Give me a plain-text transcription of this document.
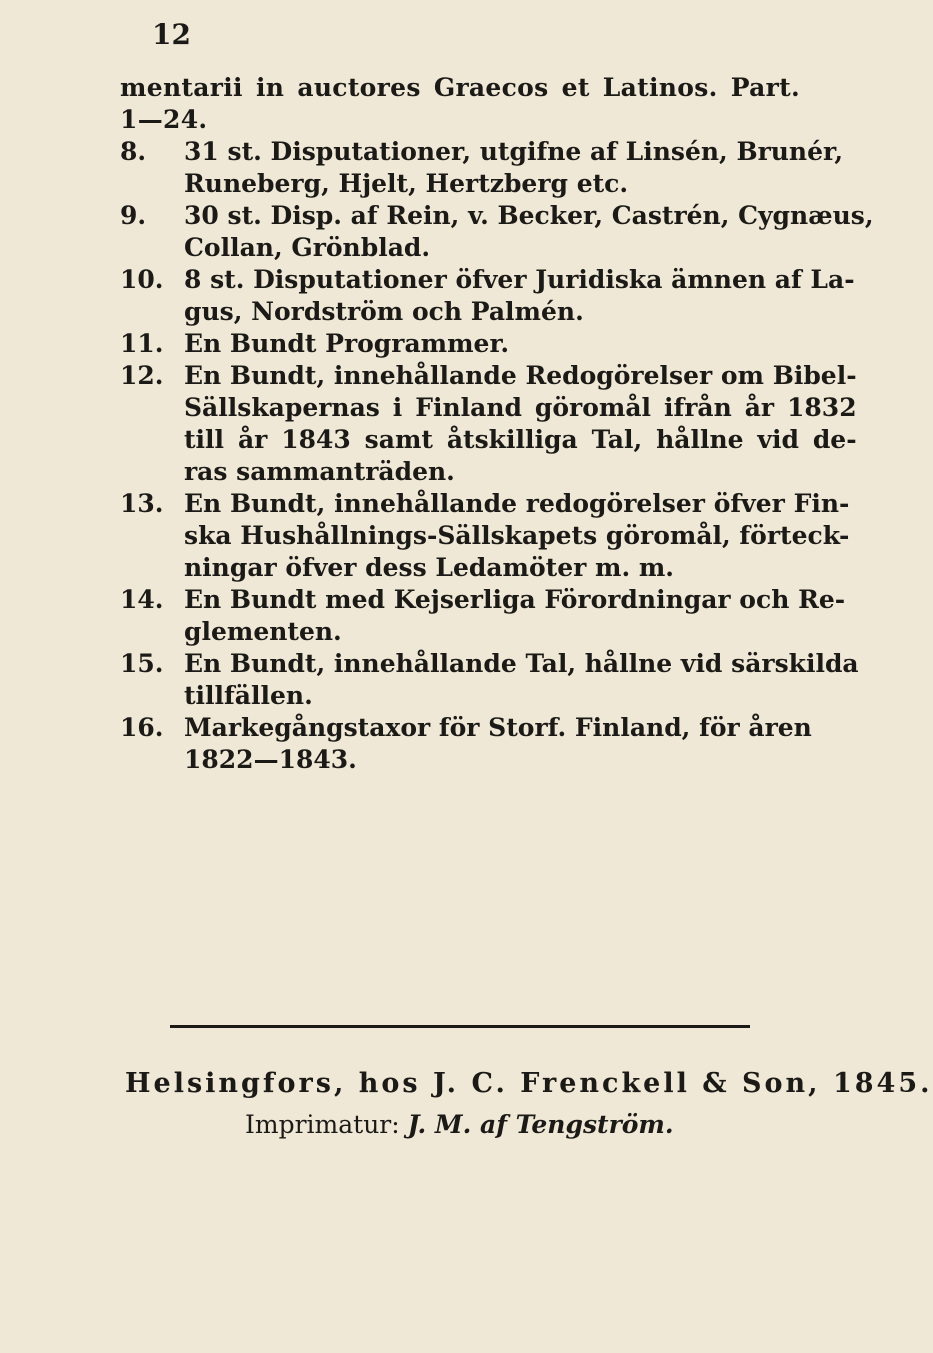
12
mentarii in auctores Graecos et Latinos. Part.
1—24.
8.	31 st. Disputationer, utgifne af Linsén, Brunér,
Runeberg, Hjelt, Hertzberg etc.
9.	30 st. Disp. af Rein, v. Becker, Castrén, Cygnæus,
Collan, Grönblad.
10. 8 st. Disputationer öfver Juridiska ämnen af La-
gus, Nordström och Palmén.
11. En Bundt Programmer.
12. En Bundt, innehållande Redogörelser om Bibel-
Sällskapernas i Finland göromål ifrån år 1832
till år 1843 samt åtskilliga Tal, hållne vid de-
ras sammanträden.
13. En Bundt, innehållande redogörelser öfver Fin-
ska Hushållnings-Sällskapets göromål, förteck-
ningar öfver dess Ledamöter m. m.
14. En Bundt med Kejserliga Förordningar och Re-
glementen.
15. En Bundt, innehållande Tal, hållne vid särskilda
tillfällen.
16. Markegångstaxor för Storf. Finland, för åren
1822—1843.
Helsingfors, hos J. C. Frenckell & Son, 1845.
Imprimatur: J. M. af Tengström.
